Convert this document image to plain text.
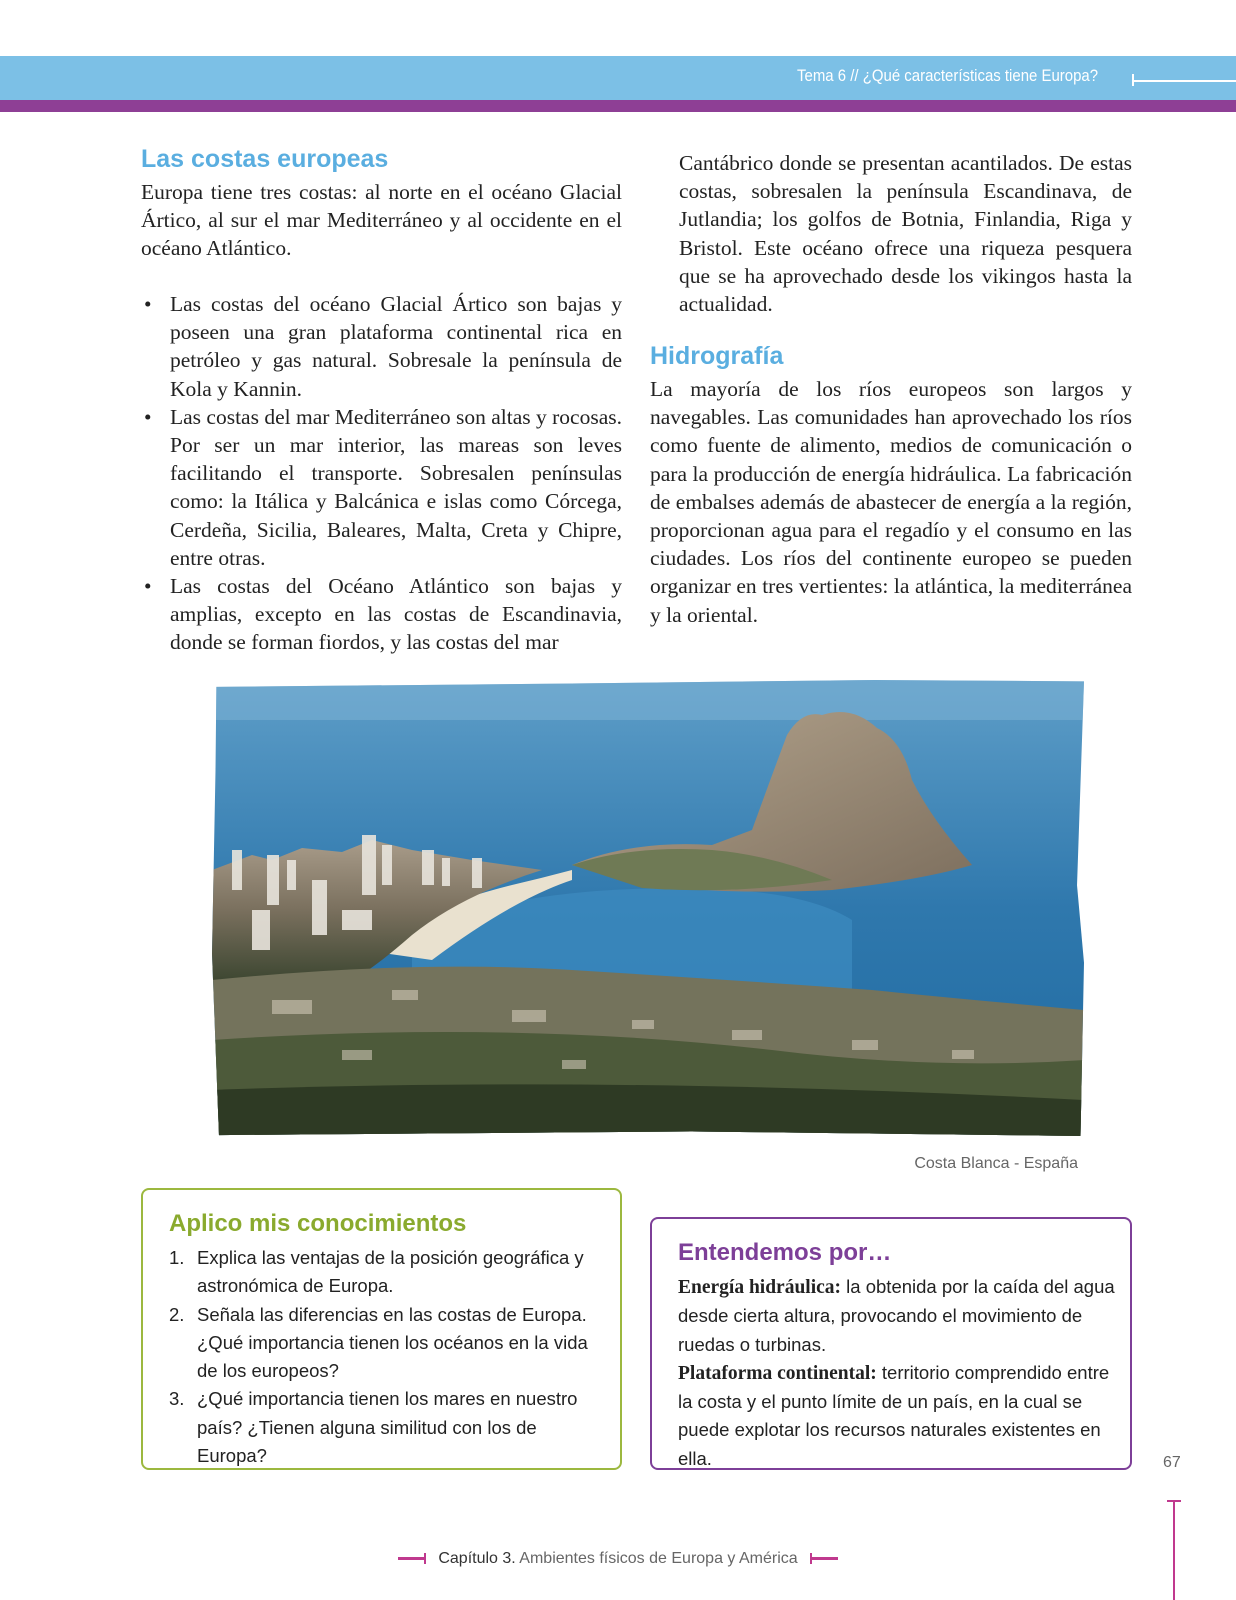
Tema 6 // ¿Qué características tiene Europa?
Las costas europeas

Europa tiene tres costas: al norte en el océano Glacial Ártico, al sur el mar Mediterráneo y al occidente en el océano Atlántico.

• Las costas del océano Glacial Ártico son bajas y poseen una gran plataforma continental rica en petróleo y gas natural. Sobresale la península de Kola y Kannin.
• Las costas del mar Mediterráneo son altas y rocosas. Por ser un mar interior, las mareas son leves facilitando el transporte. Sobresalen penínsulas como: la Itálica y Balcánica e islas como Córcega, Cerdeña, Sicilia, Baleares, Malta, Creta y Chipre, entre otras.
• Las costas del Océano Atlántico son bajas y amplias, excepto en las costas de Escandinavia, donde se forman fiordos, y las costas del mar

Cantábrico donde se presentan acantilados. De estas costas, sobresalen la península Escandinava, de Jutlandia; los golfos de Botnia, Finlandia, Riga y Bristol. Este océano ofrece una riqueza pesquera que se ha aprovechado desde los vikingos hasta la actualidad.

Hidrografía

La mayoría de los ríos europeos son largos y navegables. Las comunidades han aprovechado los ríos como fuente de alimento, medios de comunicación o para la producción de energía hidráulica. La fabricación de embalses además de abastecer de energía a la región, proporcionan agua para el regadío y el consumo en las ciudades. Los ríos del continente europeo se pueden organizar en tres vertientes: la atlántica, la mediterránea y la oriental.

Costa Blanca - España
Aplico mis conocimientos
1. Explica las ventajas de la posición geográfica y astronómica de Europa.
2. Señala las diferencias en las costas de Europa. ¿Qué importancia tienen los océanos en la vida de los europeos?
3. ¿Qué importancia tienen los mares en nuestro país? ¿Tienen alguna similitud con los de Europa?
Entendemos por…

Energía hidráulica: la obtenida por la caída del agua desde cierta altura, provocando el movimiento de ruedas o turbinas.

Plataforma continental: territorio comprendido entre la costa y el punto límite de un país, en la cual se puede explotar los recursos naturales existentes en ella.	67
Capítulo 3. Ambientes físicos de Europa y América
